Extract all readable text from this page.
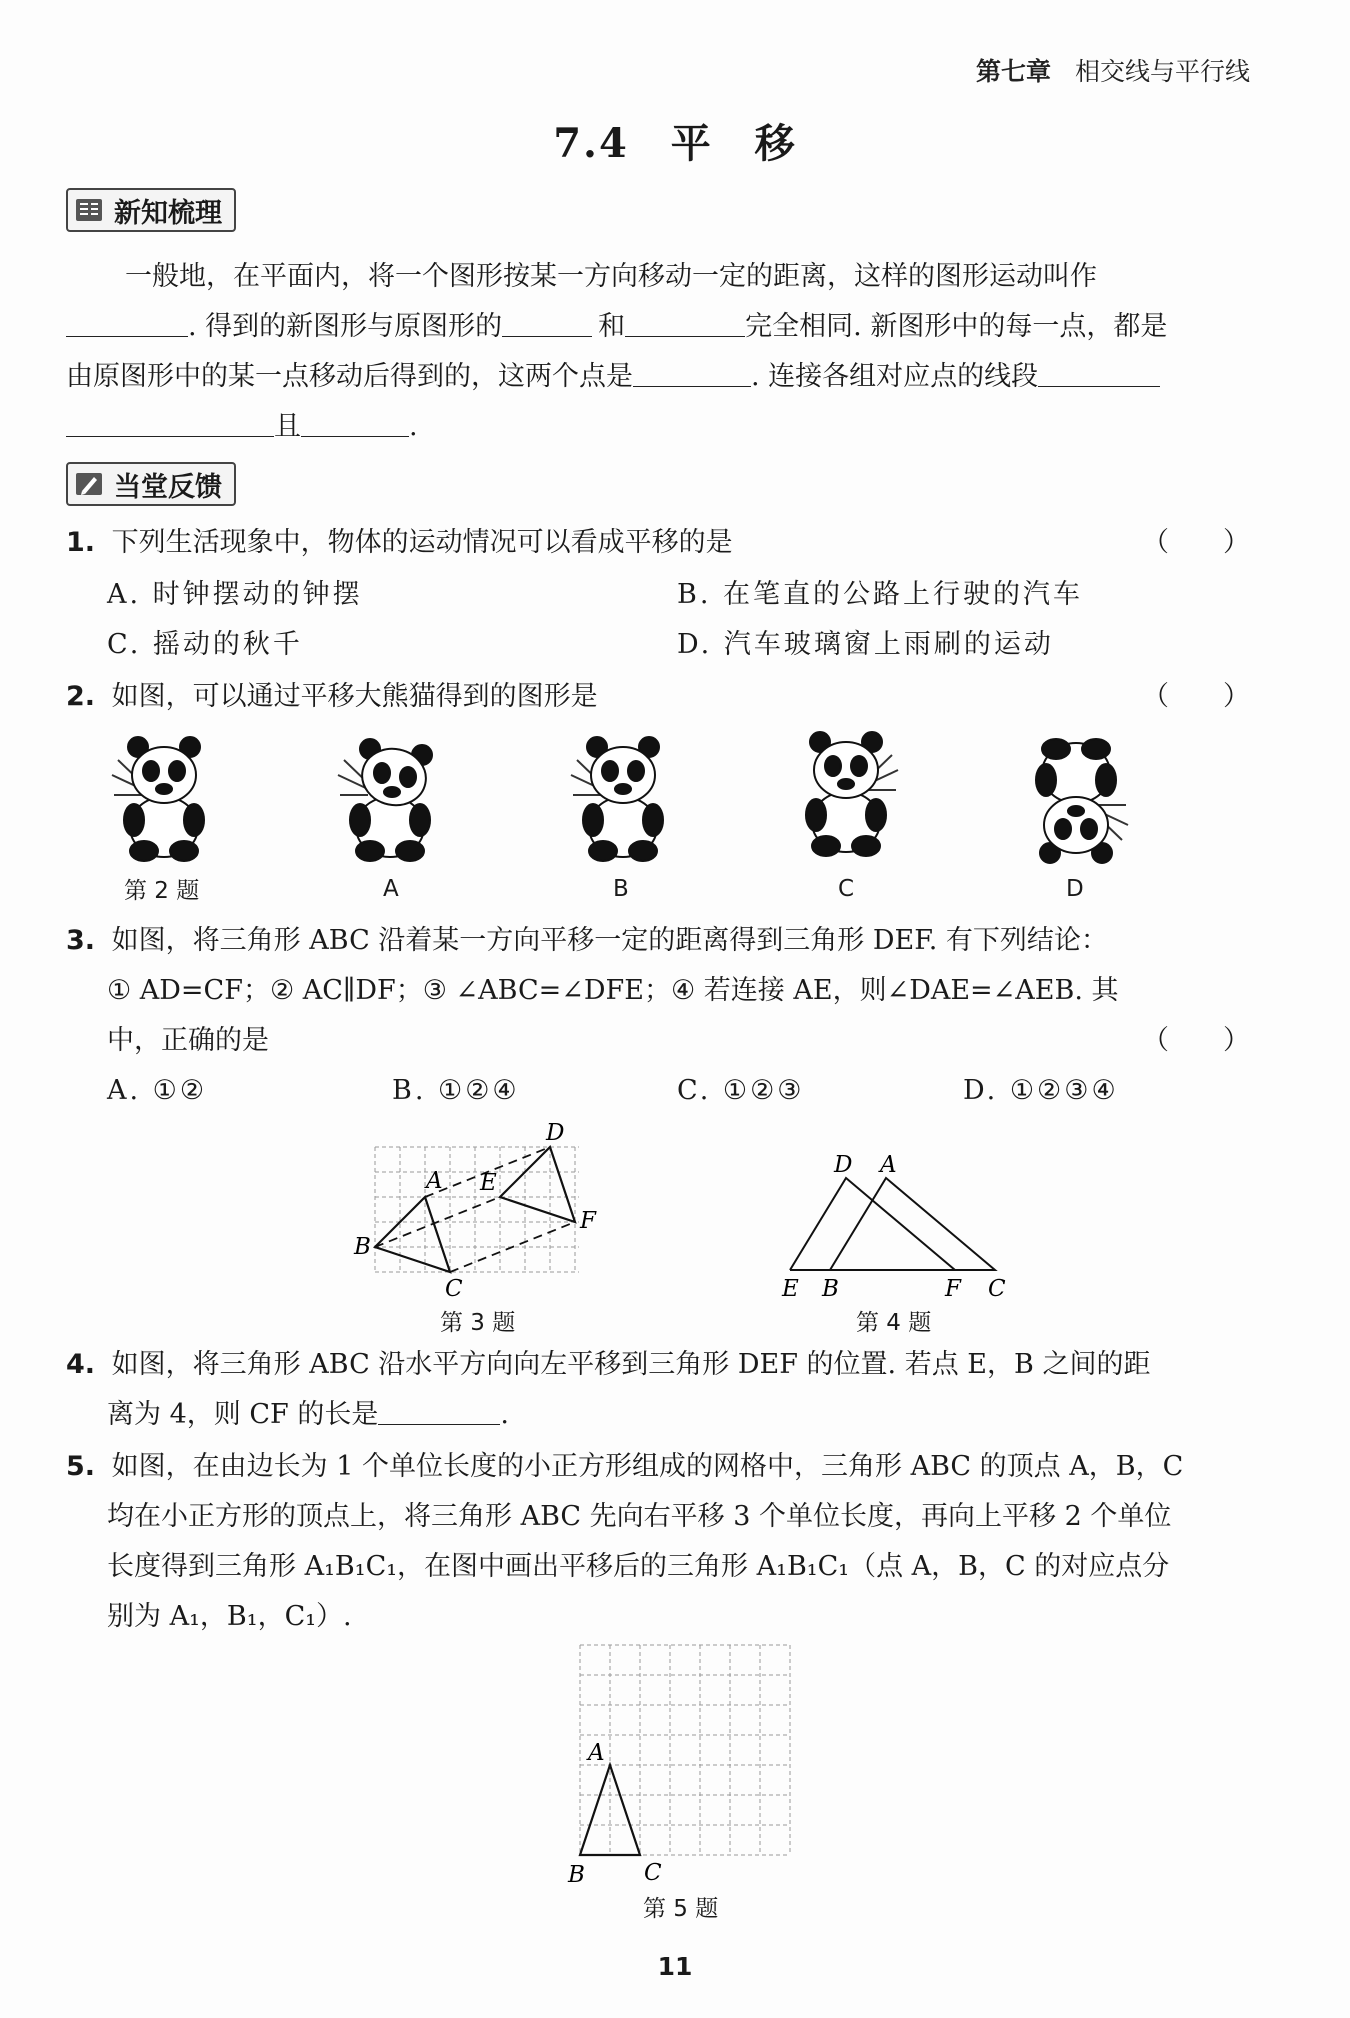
第七章 相交线与平行线
7.4 平 移
新知梳理
一般地，在平面内，将一个图形按某一方向移动一定的距离，这样的图形运动叫作
. 得到的新图形与原图形的	和	完全相同. 新图形中的每一点，都是
由原图形中的某一点移动后得到的，这两个点是	. 连接各组对应点的线段
且	.
当堂反馈
1. 下列生活现象中，物体的运动情况可以看成平移的是	（　　）
A. 时钟摆动的钟摆	B. 在笔直的公路上行驶的汽车
C. 摇动的秋千	D. 汽车玻璃窗上雨刷的运动
2. 如图，可以通过平移大熊猫得到的图形是	（　　）
第 2 题	A	B	C	D
3. 如图，将三角形 ABC 沿着某一方向平移一定的距离得到三角形 DEF. 有下列结论：
① AD=CF；② AC∥DF；③ ∠ABC=∠DFE；④ 若连接 AE，则∠DAE=∠AEB. 其
中，正确的是	（　　）
A. ①②	B. ①②④	C. ①②③	D. ①②③④
A
B
C
D
E
F
第 3 题
D A
E B	F C
第 4 题
4. 如图，将三角形 ABC 沿水平方向向左平移到三角形 DEF 的位置. 若点 E，B 之间的距
离为 4，则 CF 的长是	.
5. 如图，在由边长为 1 个单位长度的小正方形组成的网格中，三角形 ABC 的顶点 A，B，C
均在小正方形的顶点上，将三角形 ABC 先向右平移 3 个单位长度，再向上平移 2 个单位
长度得到三角形 A₁B₁C₁，在图中画出平移后的三角形 A₁B₁C₁（点 A，B，C 的对应点分
别为 A₁，B₁，C₁）.
A
B	C
第 5 题
11
